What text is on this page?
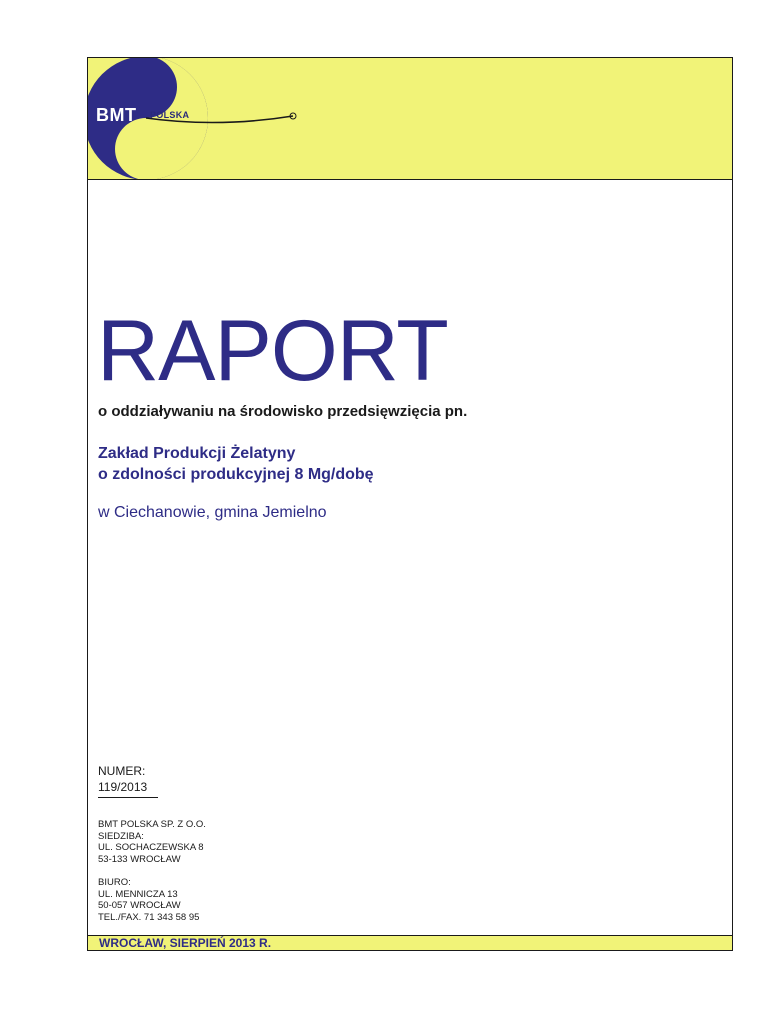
BMT POLSKA
RAPORT
o oddziaływaniu na środowisko przedsięwzięcia pn.
Zakład Produkcji Żelatyny
o zdolności produkcyjnej 8 Mg/dobę
w Ciechanowie, gmina Jemielno
NUMER:
119/2013
BMT POLSKA SP. Z O.O.
SIEDZIBA:
UL. SOCHACZEWSKA 8
53-133 WROCŁAW
BIURO:
UL. MENNICZA 13
50-057 WROCŁAW
TEL./FAX. 71 343 58 95
WROCŁAW, SIERPIEŃ 2013 R.
